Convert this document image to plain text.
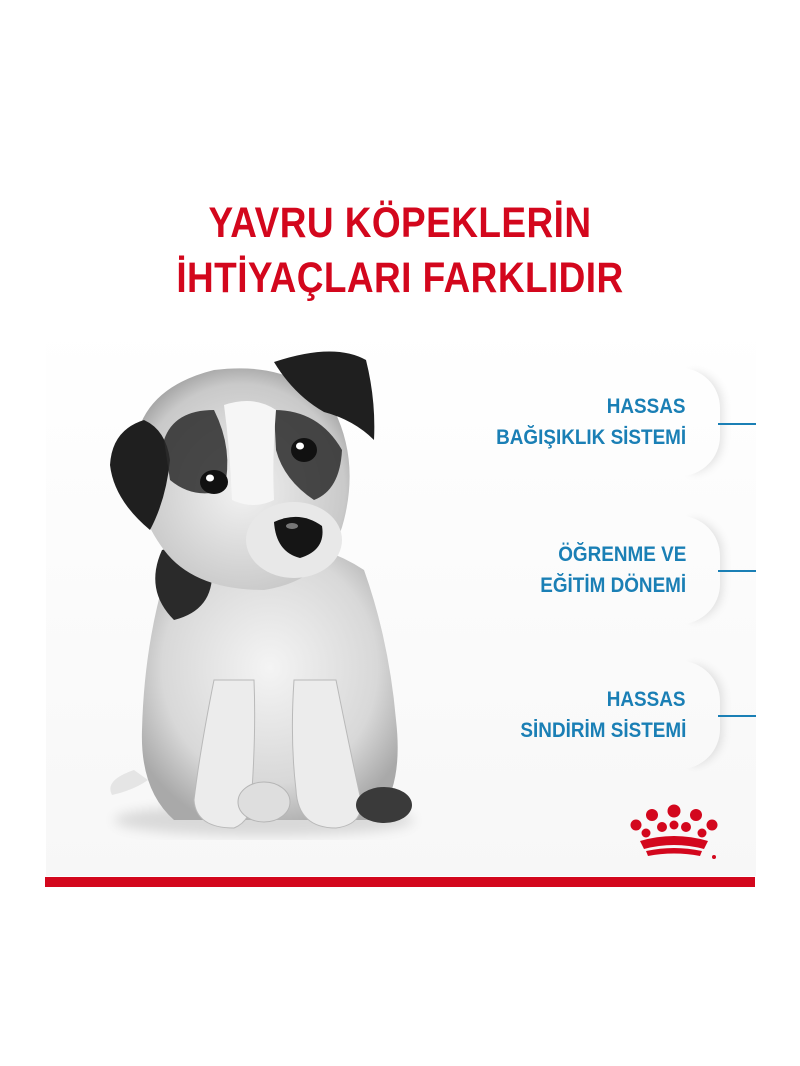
YAVRU KÖPEKLERİN
İHTİYAÇLARI FARKLIDIR
HASSAS
BAĞIŞIKLIK SİSTEMİ
ÖĞRENME VE
EĞİTİM DÖNEMİ
HASSAS
SİNDİRİM SİSTEMİ
